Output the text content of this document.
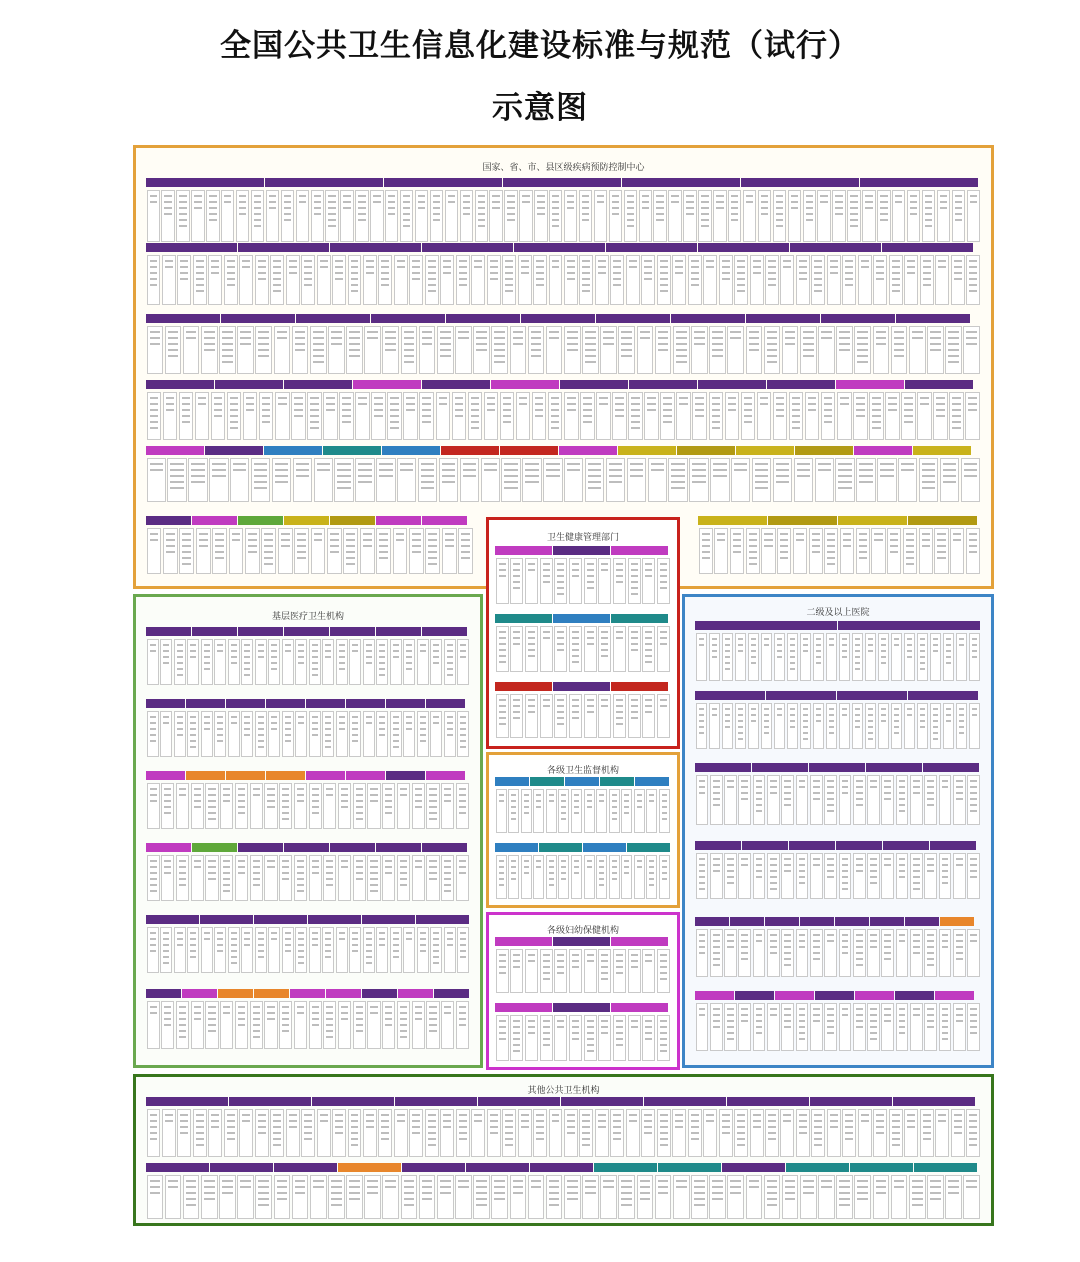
全国公共卫生信息化建设标准与规范（试行）
示意图
国家、省、市、县区级疾病预防控制中心
卫生健康管理部门
基层医疗卫生机构
各级卫生监督机构
各级妇幼保健机构
二级及以上医院
其他公共卫生机构
